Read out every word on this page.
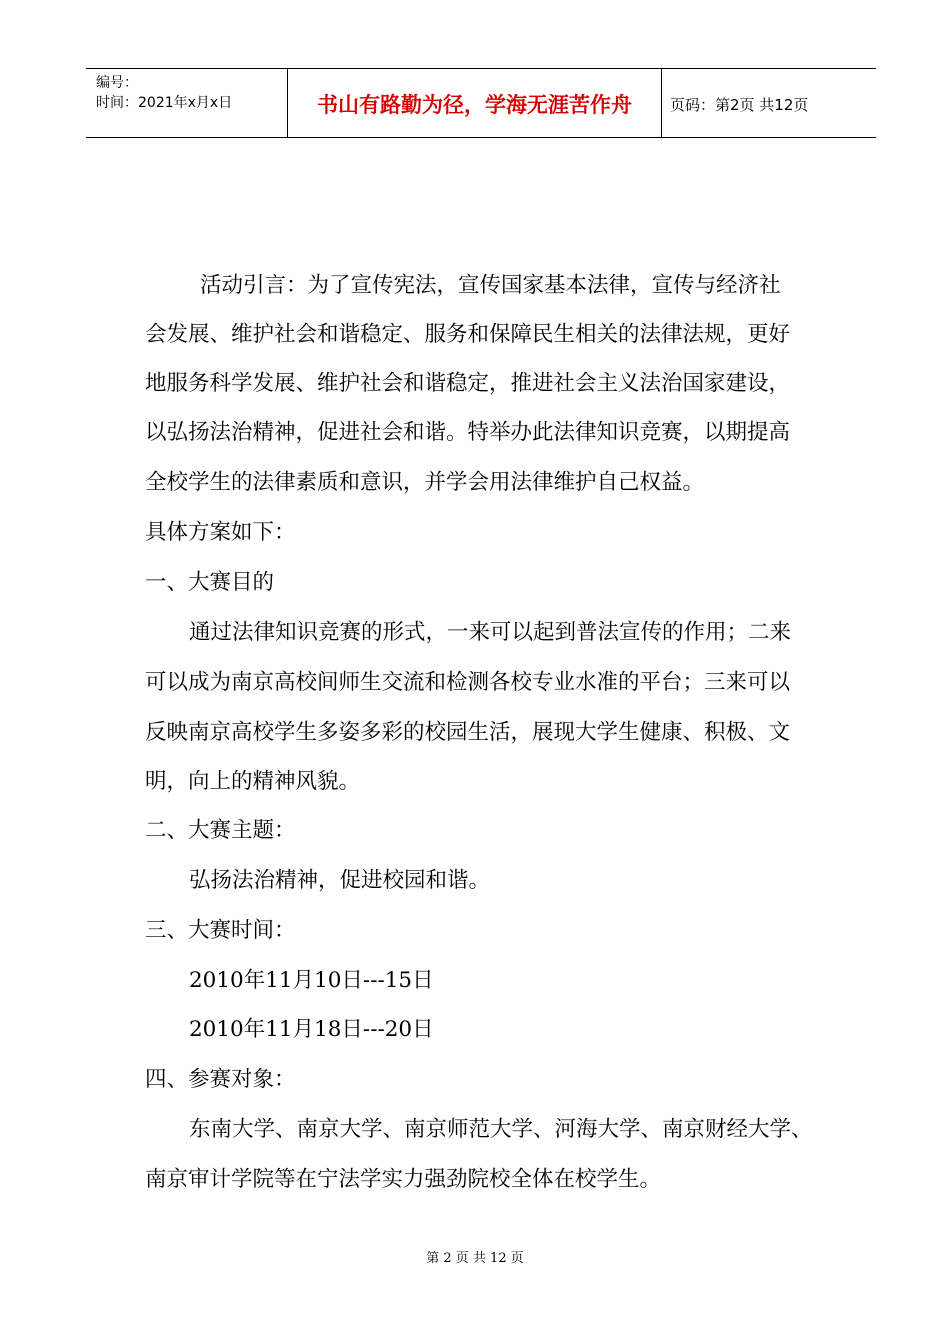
编号：
时间：2021年x月x日	书山有路勤为径，学海无涯苦作舟	页码：第2页 共12页
活动引言：为了宣传宪法，宣传国家基本法律，宣传与经济社
会发展、维护社会和谐稳定、服务和保障民生相关的法律法规，更好
地服务科学发展、维护社会和谐稳定，推进社会主义法治国家建设，
以弘扬法治精神，促进社会和谐。特举办此法律知识竞赛，以期提高
全校学生的法律素质和意识，并学会用法律维护自己权益。
具体方案如下：
一、大赛目的
通过法律知识竞赛的形式，一来可以起到普法宣传的作用；二来
可以成为南京高校间师生交流和检测各校专业水准的平台；三来可以
反映南京高校学生多姿多彩的校园生活，展现大学生健康、积极、文
明，向上的精神风貌。
二、大赛主题：
弘扬法治精神，促进校园和谐。
三、大赛时间：
2010年11月10日---15日
2010年11月18日---20日
四、参赛对象：
东南大学、南京大学、南京师范大学、河海大学、南京财经大学、
南京审计学院等在宁法学实力强劲院校全体在校学生。
第 2 页 共 12 页
